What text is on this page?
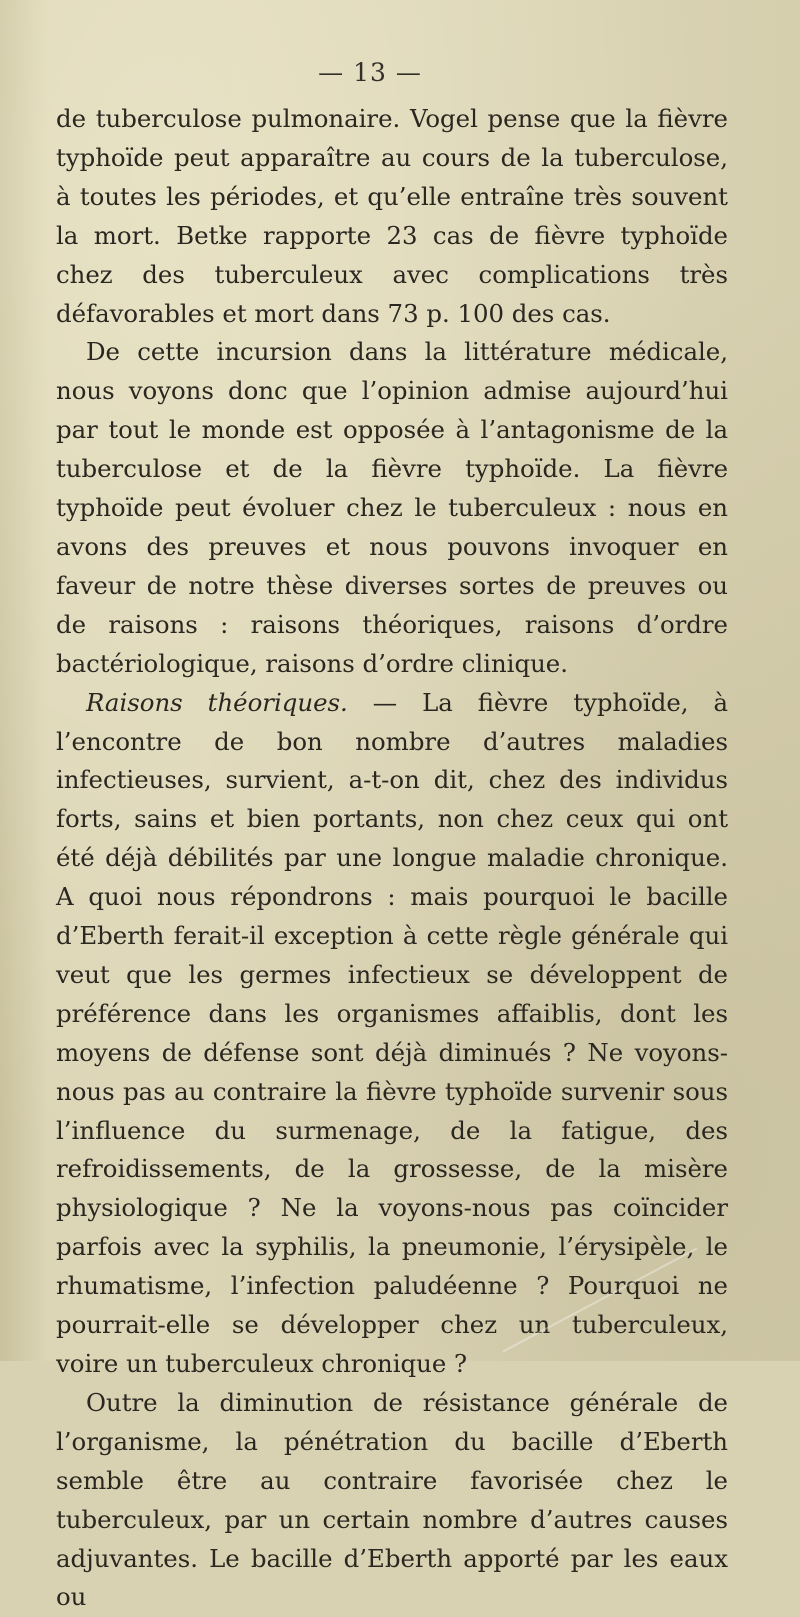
— 13 —

de tuberculose pulmonaire. Vogel pense que la fièvre typhoïde peut apparaître au cours de la tuberculose, à toutes les périodes, et qu’elle entraîne très souvent la mort. Betke rapporte 23 cas de fièvre typhoïde chez des tuberculeux avec complications très défavorables et mort dans 73 p. 100 des cas.

De cette incursion dans la littérature médicale, nous voyons donc que l’opinion admise aujourd’hui par tout le monde est opposée à l’antagonisme de la tuberculose et de la fièvre typhoïde. La fièvre typhoïde peut évoluer chez le tuberculeux : nous en avons des preuves et nous pouvons invoquer en faveur de notre thèse diverses sortes de preuves ou de raisons : raisons théoriques, raisons d’ordre bactériologique, raisons d’ordre clinique.

Raisons théoriques. — La fièvre typhoïde, à l’encontre de bon nombre d’autres maladies infectieuses, survient, a-t-on dit, chez des individus forts, sains et bien portants, non chez ceux qui ont été déjà débilités par une longue maladie chronique. A quoi nous répondrons : mais pourquoi le bacille d’Eberth ferait-il exception à cette règle générale qui veut que les germes infectieux se développent de préférence dans les organismes affaiblis, dont les moyens de défense sont déjà diminués ? Ne voyons-nous pas au contraire la fièvre typhoïde survenir sous l’influence du surmenage, de la fatigue, des refroidissements, de la grossesse, de la misère physiologique ? Ne la voyons-nous pas coïncider parfois avec la syphilis, la pneumonie, l’érysipèle, le rhumatisme, l’infection paludéenne ? Pourquoi ne pourrait-elle se développer chez un tuberculeux, voire un tuberculeux chronique ?

Outre la diminution de résistance générale de l’organisme, la pénétration du bacille d’Eberth semble être au contraire favorisée chez le tuberculeux, par un certain nombre d’autres causes adjuvantes. Le bacille d’Eberth apporté par les eaux ou
